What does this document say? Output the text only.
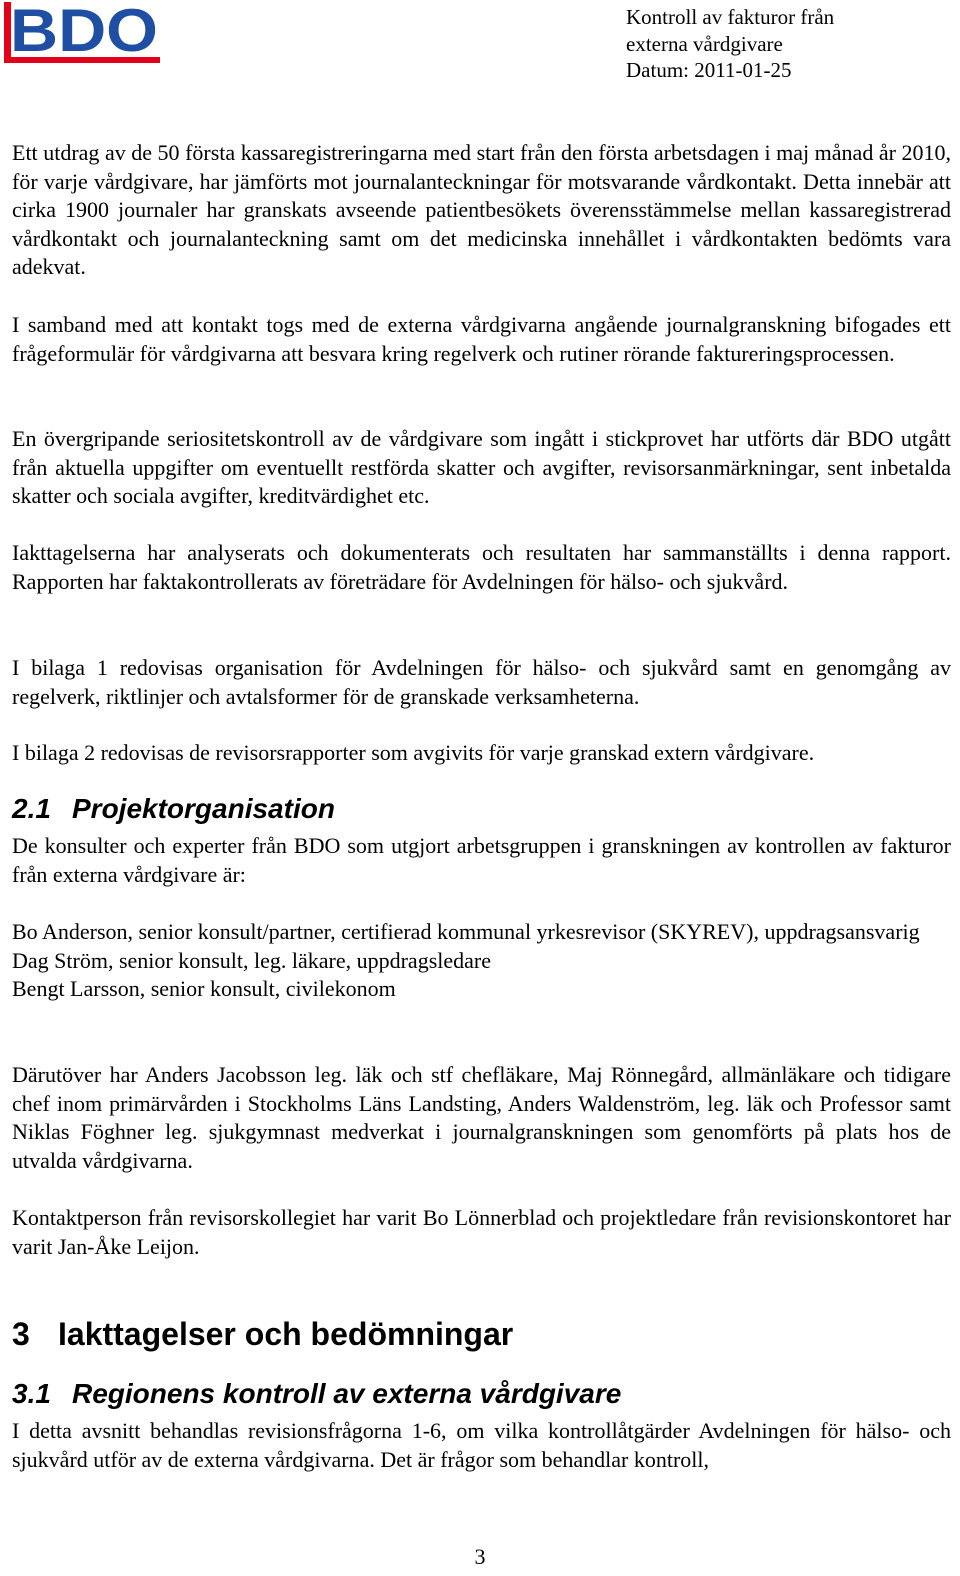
BDO	Kontroll av fakturor från
externa vårdgivare
Datum: 2011-01-25

Ett utdrag av de 50 första kassaregistreringarna med start från den första arbetsdagen i maj månad år 2010, för varje vårdgivare, har jämförts mot journalanteckningar för motsvarande vårdkontakt. Detta innebär att cirka 1900 journaler har granskats avseende patientbesökets överensstämmelse mellan kassaregistrerad vårdkontakt och journalanteckning samt om det medicinska innehållet i vårdkontakten bedömts vara adekvat.

I samband med att kontakt togs med de externa vårdgivarna angående journalgranskning bifogades ett frågeformulär för vårdgivarna att besvara kring regelverk och rutiner rörande faktureringsprocessen.

En övergripande seriositetskontroll av de vårdgivare som ingått i stickprovet har utförts där BDO utgått från aktuella uppgifter om eventuellt restförda skatter och avgifter, revisorsanmärkningar, sent inbetalda skatter och sociala avgifter, kreditvärdighet etc.

Iakttagelserna har analyserats och dokumenterats och resultaten har sammanställts i denna rapport. Rapporten har faktakontrollerats av företrädare för Avdelningen för hälso- och sjukvård.

I bilaga 1 redovisas organisation för Avdelningen för hälso- och sjukvård samt en genomgång av regelverk, riktlinjer och avtalsformer för de granskade verksamheterna.

I bilaga 2 redovisas de revisorsrapporter som avgivits för varje granskad extern vårdgivare.

2.1 Projektorganisation

De konsulter och experter från BDO som utgjort arbetsgruppen i granskningen av kontrollen av fakturor från externa vårdgivare är:

Bo Anderson, senior konsult/partner, certifierad kommunal yrkesrevisor (SKYREV), uppdragsansvarig
Dag Ström, senior konsult, leg. läkare, uppdragsledare
Bengt Larsson, senior konsult, civilekonom

Därutöver har Anders Jacobsson leg. läk och stf chefläkare, Maj Rönnegård, allmänläkare och tidigare chef inom primärvården i Stockholms Läns Landsting, Anders Waldenström, leg. läk och Professor samt Niklas Föghner leg. sjukgymnast medverkat i journalgranskningen som genomförts på plats hos de utvalda vårdgivarna.

Kontaktperson från revisorskollegiet har varit Bo Lönnerblad och projektledare från revisionskontoret har varit Jan-Åke Leijon.

3 Iakttagelser och bedömningar
3.1 Regionens kontroll av externa vårdgivare

I detta avsnitt behandlas revisionsfrågorna 1-6, om vilka kontrollåtgärder Avdelningen för hälso- och sjukvård utför av de externa vårdgivarna. Det är frågor som behandlar kontroll,

3
